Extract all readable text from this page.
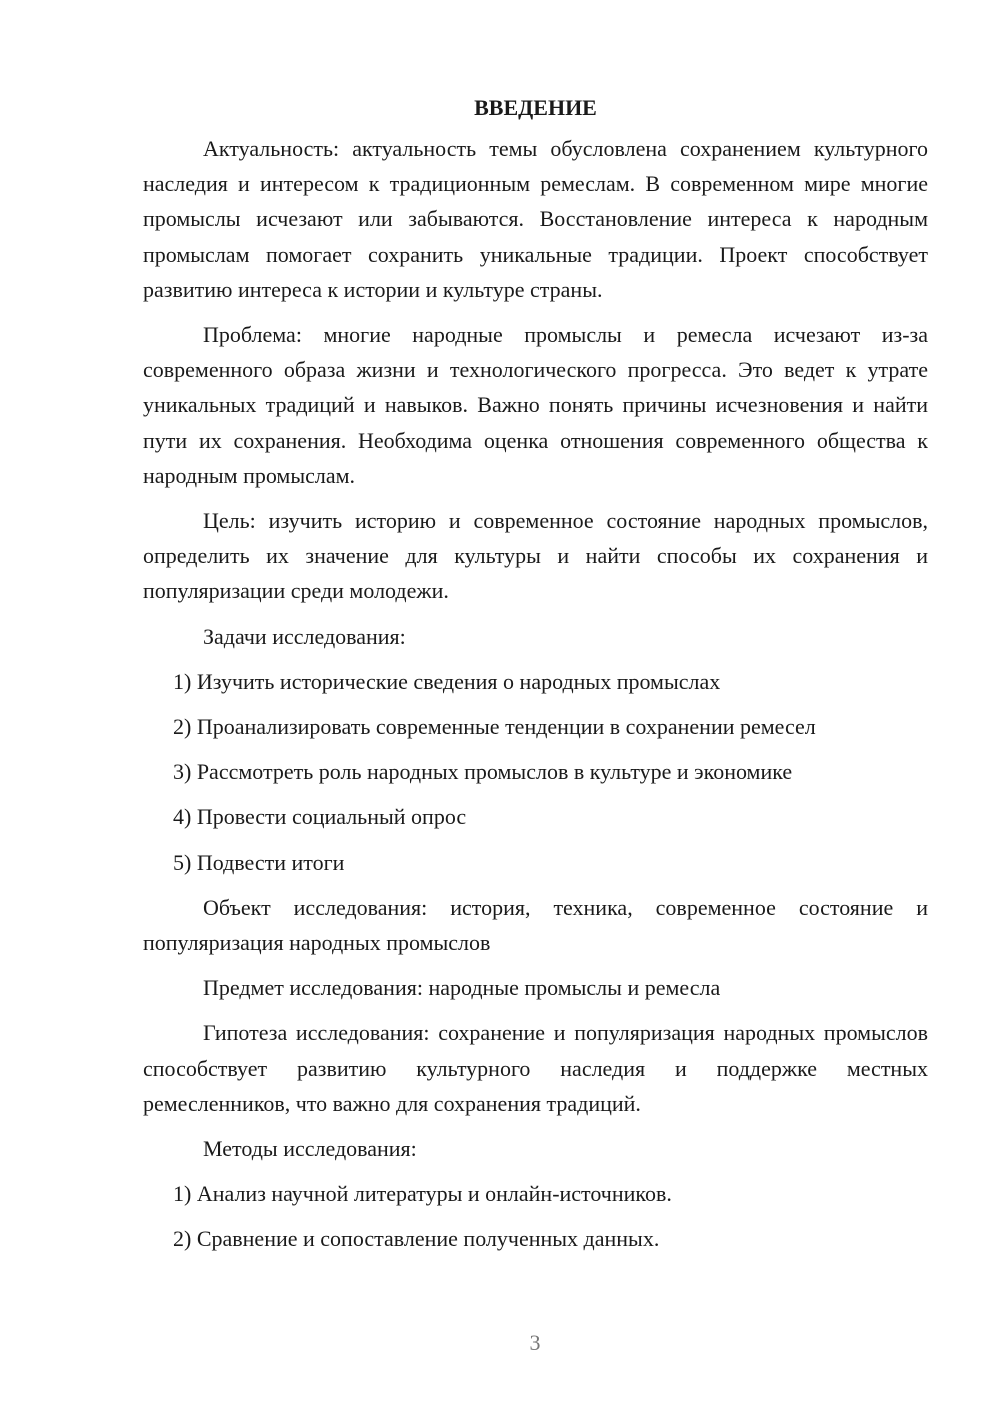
ВВЕДЕНИЕ

Актуальность: актуальность темы обусловлена сохранением культурного наследия и интересом к традиционным ремеслам. В современном мире многие промыслы исчезают или забываются. Восстановление интереса к народным промыслам помогает сохранить уникальные традиции. Проект способствует развитию интереса к истории и культуре страны.

Проблема: многие народные промыслы и ремесла исчезают из-за современного образа жизни и технологического прогресса. Это ведет к утрате уникальных традиций и навыков. Важно понять причины исчезновения и найти пути их сохранения. Необходима оценка отношения современного общества к народным промыслам.

Цель: изучить историю и современное состояние народных промыслов, определить их значение для культуры и найти способы их сохранения и популяризации среди молодежи.

Задачи исследования:

1) Изучить исторические сведения о народных промыслах

2) Проанализировать современные тенденции в сохранении ремесел

3) Рассмотреть роль народных промыслов в культуре и экономике

4) Провести социальный опрос

5) Подвести итоги

Объект исследования: история, техника, современное состояние и популяризация народных промыслов

Предмет исследования: народные промыслы и ремесла

Гипотеза исследования: сохранение и популяризация народных промыслов способствует развитию культурного наследия и поддержке местных ремесленников, что важно для сохранения традиций.

Методы исследования:

1) Анализ научной литературы и онлайн-источников.

2) Сравнение и сопоставление полученных данных.

3
